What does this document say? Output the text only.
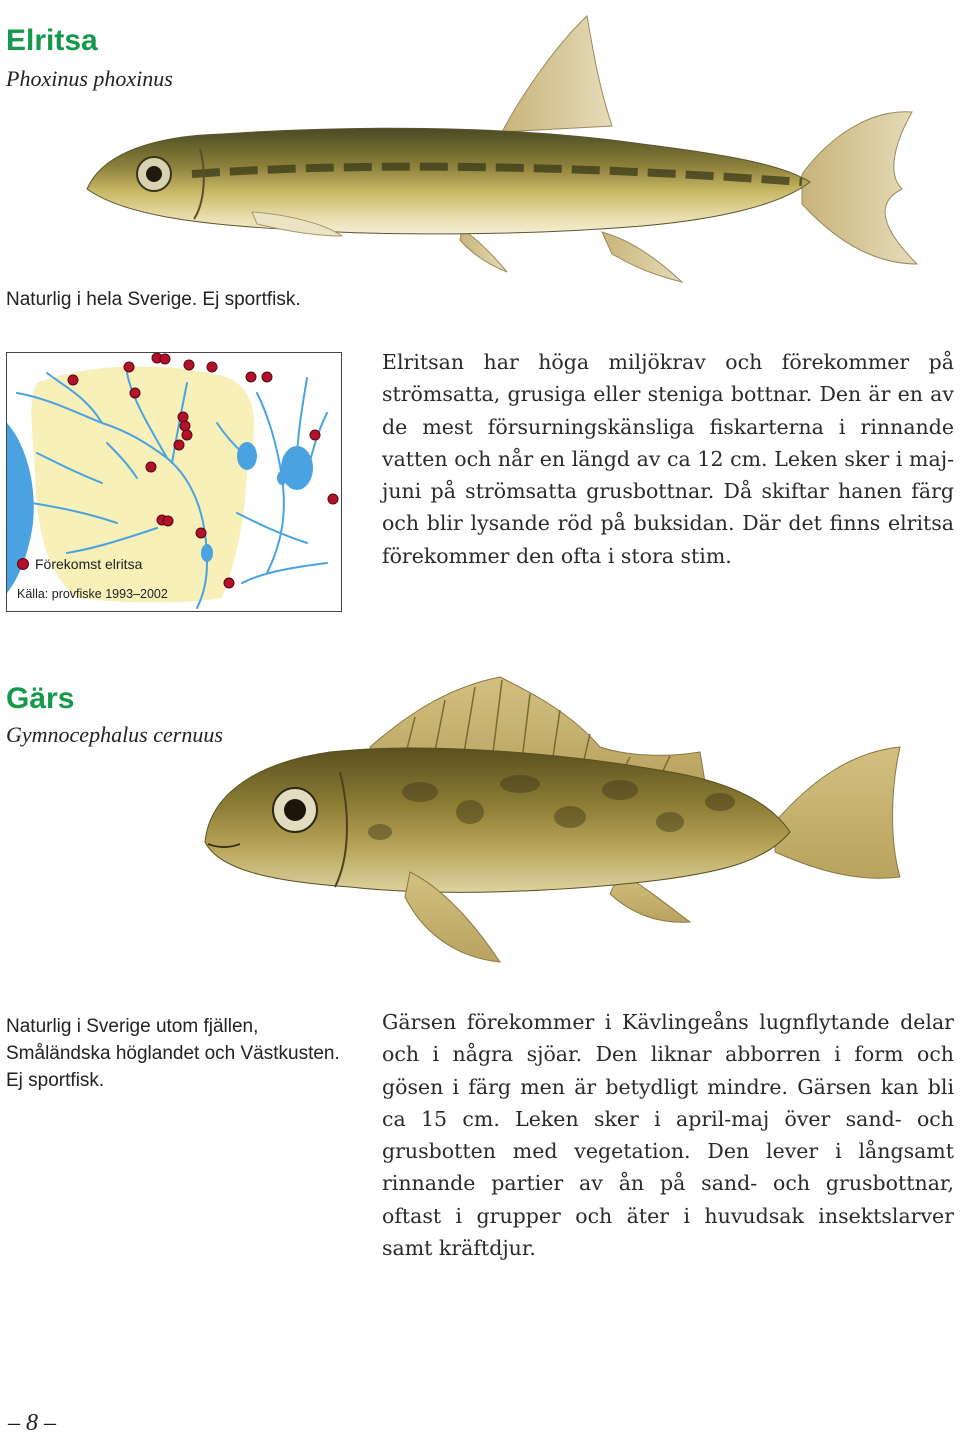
Elritsa

Phoxinus phoxinus

Naturlig i hela Sverige. Ej sportfisk.
Förekomst elritsa
Källa: provfiske 1993–2002
Elritsan har höga miljökrav och förekommer på strömsatta, grusiga eller steniga bottnar. Den är en av de mest försurningskänsliga fiskarterna i rinnande vatten och når en längd av ca 12 cm. Leken sker i maj-juni på strömsatta grusbottnar. Då skiftar hanen färg och blir lysande röd på buksidan. Där det finns elritsa förekommer den ofta i stora stim.
Gärs

Gymnocephalus cernuus

Naturlig i Sverige utom fjällen, Småländska höglandet och Västkusten. Ej sportfisk.
Gärsen förekommer i Kävlingeåns lugnflytande delar och i några sjöar. Den liknar abborren i form och gösen i färg men är betydligt mindre. Gärsen kan bli ca 15 cm. Leken sker i april-maj över sand- och grusbotten med vegetation. Den lever i långsamt rinnande partier av ån på sand- och grusbottnar, oftast i grupper och äter i huvudsak insektslarver samt kräftdjur.
– 8 –
